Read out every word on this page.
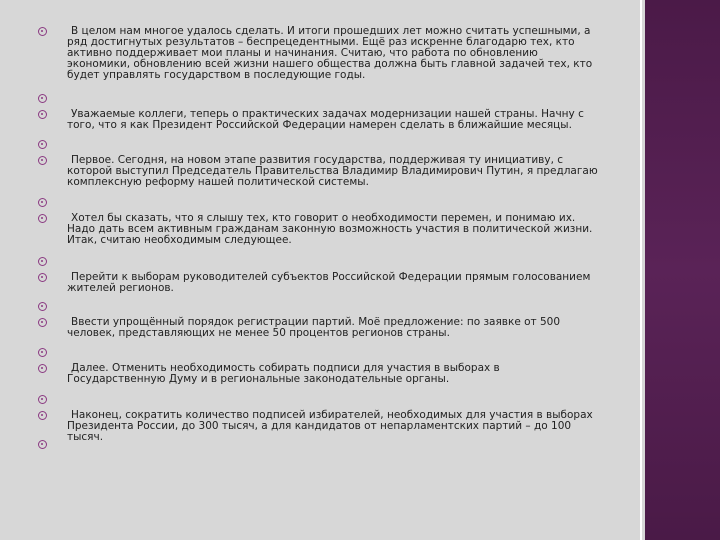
В целом нам многое удалось сделать. И итоги прошедших лет можно считать успешными, а ряд достигнутых результатов – беспрецедентными. Ещё раз искренне благодарю тех, кто активно поддерживает мои планы и начинания. Считаю, что работа по обновлению экономики, обновлению всей жизни нашего общества должна быть главной задачей тех, кто будет управлять государством в последующие годы.
Уважаемые коллеги, теперь о практических задачах модернизации нашей страны. Начну с того, что я как Президент Российской Федерации намерен сделать в ближайшие месяцы.
Первое. Сегодня, на новом этапе развития государства, поддерживая ту инициативу, с которой выступил Председатель Правительства Владимир Владимирович Путин, я предлагаю комплексную реформу нашей политической системы.
Хотел бы сказать, что я слышу тех, кто говорит о необходимости перемен, и понимаю их. Надо дать всем активным гражданам законную возможность участия в политической жизни. Итак, считаю необходимым следующее.
Перейти к выборам руководителей субъектов Российской Федерации прямым голосованием жителей регионов.
Ввести упрощённый порядок регистрации партий. Моё предложение: по заявке от 500 человек, представляющих не менее 50 процентов регионов страны.
Далее. Отменить необходимость собирать подписи для участия в выборах в Государственную Думу и в региональные законодательные органы.
Наконец, сократить количество подписей избирателей, необходимых для участия в выборах Президента России, до 300 тысяч, а для кандидатов от непарламентских партий – до 100 тысяч.
